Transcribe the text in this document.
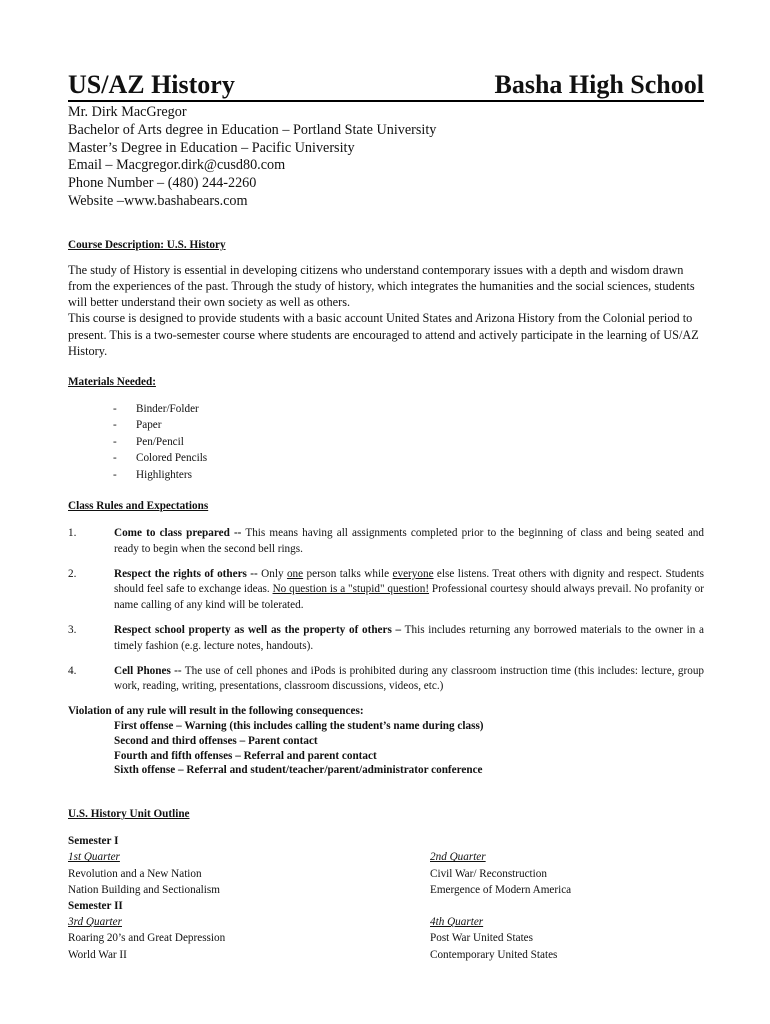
US/AZ History	Basha High School
Mr. Dirk MacGregor
Bachelor of Arts degree in Education – Portland State University
Master’s Degree in Education – Pacific University
Email – Macgregor.dirk@cusd80.com
Phone Number – (480) 244-2260
Website –www.bashabears.com
Course Description: U.S. History
The study of History is essential in developing citizens who understand contemporary issues with a depth and wisdom drawn from the experiences of the past. Through the study of history, which integrates the humanities and the social sciences, students will better understand their own society as well as others.
This course is designed to provide students with a basic account United States and Arizona History from the Colonial period to present. This is a two-semester course where students are encouraged to attend and actively participate in the learning of US/AZ History.
Materials Needed:
-	Binder/Folder
-	Paper
-	Pen/Pencil
-	Colored Pencils
-	Highlighters
Class Rules and Expectations
1.	Come to class prepared -- This means having all assignments completed prior to the beginning of class and being seated and ready to begin when the second bell rings.
2.	Respect the rights of others -- Only one person talks while everyone else listens. Treat others with dignity and respect. Students should feel safe to exchange ideas. No question is a "stupid" question! Professional courtesy should always prevail. No profanity or name calling of any kind will be tolerated.
3.	Respect school property as well as the property of others – This includes returning any borrowed materials to the owner in a timely fashion (e.g. lecture notes, handouts).
4.	Cell Phones -- The use of cell phones and iPods is prohibited during any classroom instruction time (this includes: lecture, group work, reading, writing, presentations, classroom discussions, videos, etc.)
Violation of any rule will result in the following consequences:
First offense – Warning (this includes calling the student’s name during class)
Second and third offenses – Parent contact
Fourth and fifth offenses – Referral and parent contact
Sixth offense – Referral and student/teacher/parent/administrator conference
U.S. History Unit Outline
Semester I
1st Quarter	2nd Quarter
Revolution and a New Nation	Civil War/ Reconstruction
Nation Building and Sectionalism	Emergence of Modern America
Semester II
3rd Quarter	4th Quarter
Roaring 20’s and Great Depression	Post War United States
World War II	Contemporary United States
